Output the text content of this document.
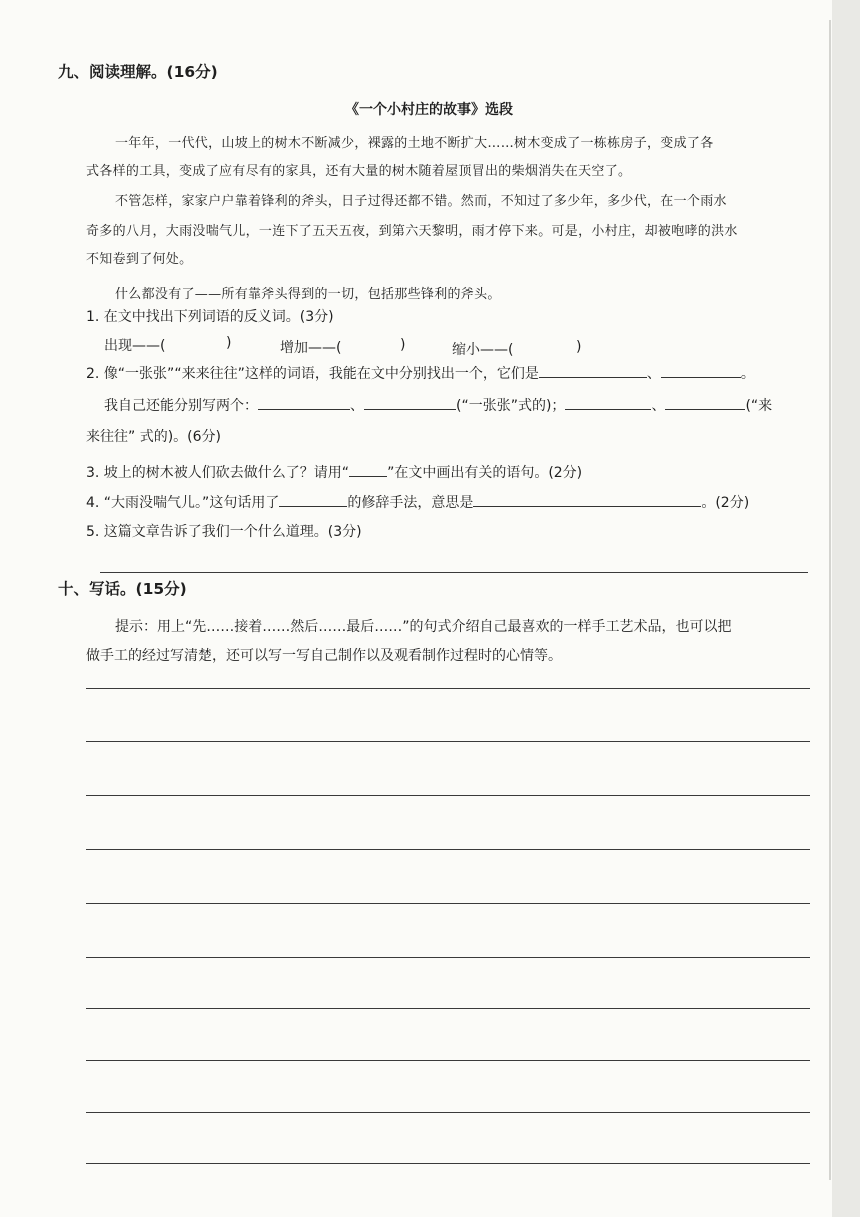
九、阅读理解。(16分)
《一个小村庄的故事》选段
一年年，一代代，山坡上的树木不断减少，裸露的土地不断扩大……树木变成了一栋栋房子，变成了各
式各样的工具，变成了应有尽有的家具，还有大量的树木随着屋顶冒出的柴烟消失在天空了。
不管怎样，家家户户靠着锋利的斧头，日子过得还都不错。然而，不知过了多少年，多少代，在一个雨水
奇多的八月，大雨没喘气儿，一连下了五天五夜，到第六天黎明，雨才停下来。可是，小村庄，却被咆哮的洪水
不知卷到了何处。
什么都没有了——所有靠斧头得到的一切，包括那些锋利的斧头。
1. 在文中找出下列词语的反义词。(3分)
出现——(	)	增加——(	)	缩小——(	)
2. 像“一张张”“来来往往”这样的词语，我能在文中分别找出一个，它们是	、	。
我自己还能分别写两个：	、	(“一张张”式的)；	、	(“来
来往往” 式的)。(6分)
3. 坡上的树木被人们砍去做什么了？请用“	”在文中画出有关的语句。(2分)
4. “大雨没喘气儿。”这句话用了	的修辞手法，意思是	。(2分)
5. 这篇文章告诉了我们一个什么道理。(3分)
十、写话。(15分)
提示：用上“先……接着……然后……最后……”的句式介绍自己最喜欢的一样手工艺术品，也可以把
做手工的经过写清楚，还可以写一写自己制作以及观看制作过程时的心情等。
